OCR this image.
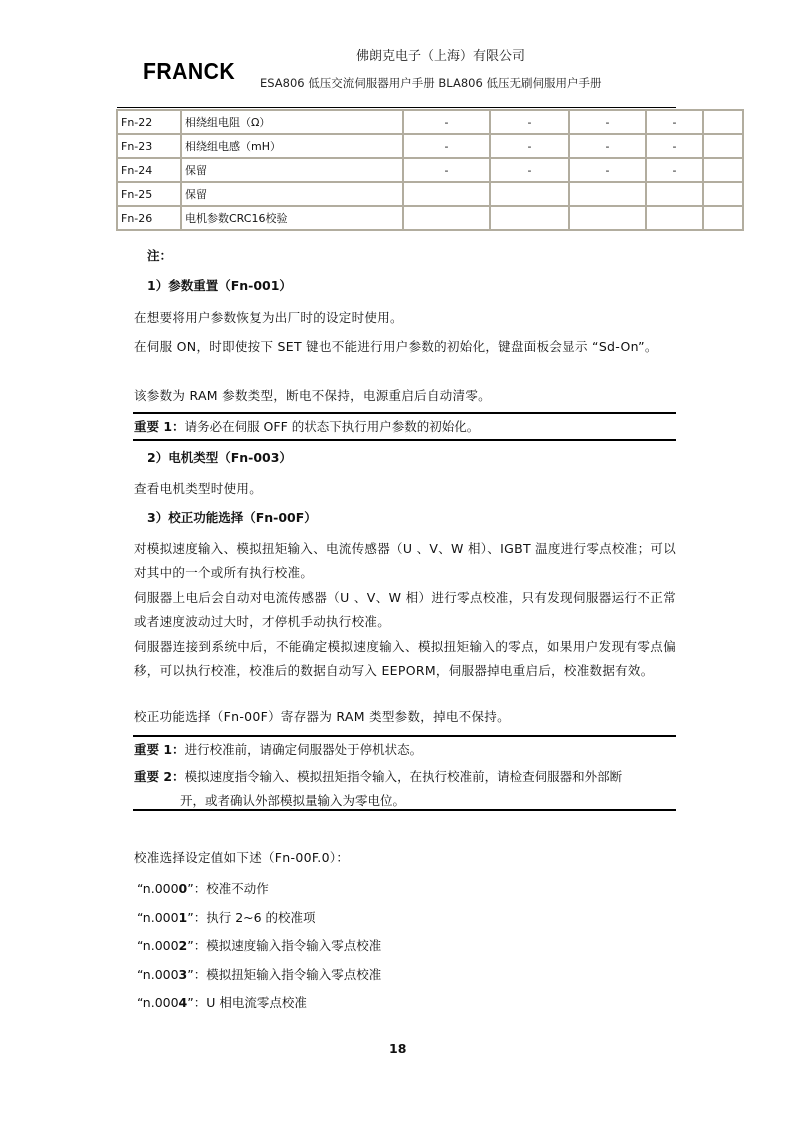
FRANCK
佛朗克电子（上海）有限公司
ESA806 低压交流伺服器用户手册 BLA806 低压无刷伺服用户手册
Fn-22	相绕组电阻（Ω）	-	-	-	-	
Fn-23	相绕组电感（mH）	-	-	-	-	
Fn-24	保留	-	-	-	-	
Fn-25	保留					
Fn-26	电机参数CRC16校验					
注：
1）参数重置（Fn-001）
在想要将用户参数恢复为出厂时的设定时使用。
在伺服 ON，时即使按下 SET 键也不能进行用户参数的初始化，键盘面板会显示 “Sd-On”。
该参数为 RAM 参数类型，断电不保持，电源重启后自动清零。
重要 1：请务必在伺服 OFF 的状态下执行用户参数的初始化。
2）电机类型（Fn-003）
查看电机类型时使用。
3）校正功能选择（Fn-00F）
对模拟速度输入、模拟扭矩输入、电流传感器（U 、V、W 相）、IGBT 温度进行零点校准；可以对其中的一个或所有执行校准。
伺服器上电后会自动对电流传感器（U 、V、W 相）进行零点校准，只有发现伺服器运行不正常或者速度波动过大时，才停机手动执行校准。
伺服器连接到系统中后，不能确定模拟速度输入、模拟扭矩输入的零点，如果用户发现有零点偏移，可以执行校准，校准后的数据自动写入 EEPORM，伺服器掉电重启后，校准数据有效。
校正功能选择（Fn-00F）寄存器为 RAM 类型参数，掉电不保持。
重要 1：进行校准前，请确定伺服器处于停机状态。
重要 2：模拟速度指令输入、模拟扭矩指令输入，在执行校准前，请检查伺服器和外部断
开，或者确认外部模拟量输入为零电位。
校准选择设定值如下述（Fn-00F.0）：
“n.0000”：校准不动作
“n.0001”：执行 2~6 的校准项
“n.0002”：模拟速度输入指令输入零点校准
“n.0003”：模拟扭矩输入指令输入零点校准
“n.0004”：U 相电流零点校准
18
